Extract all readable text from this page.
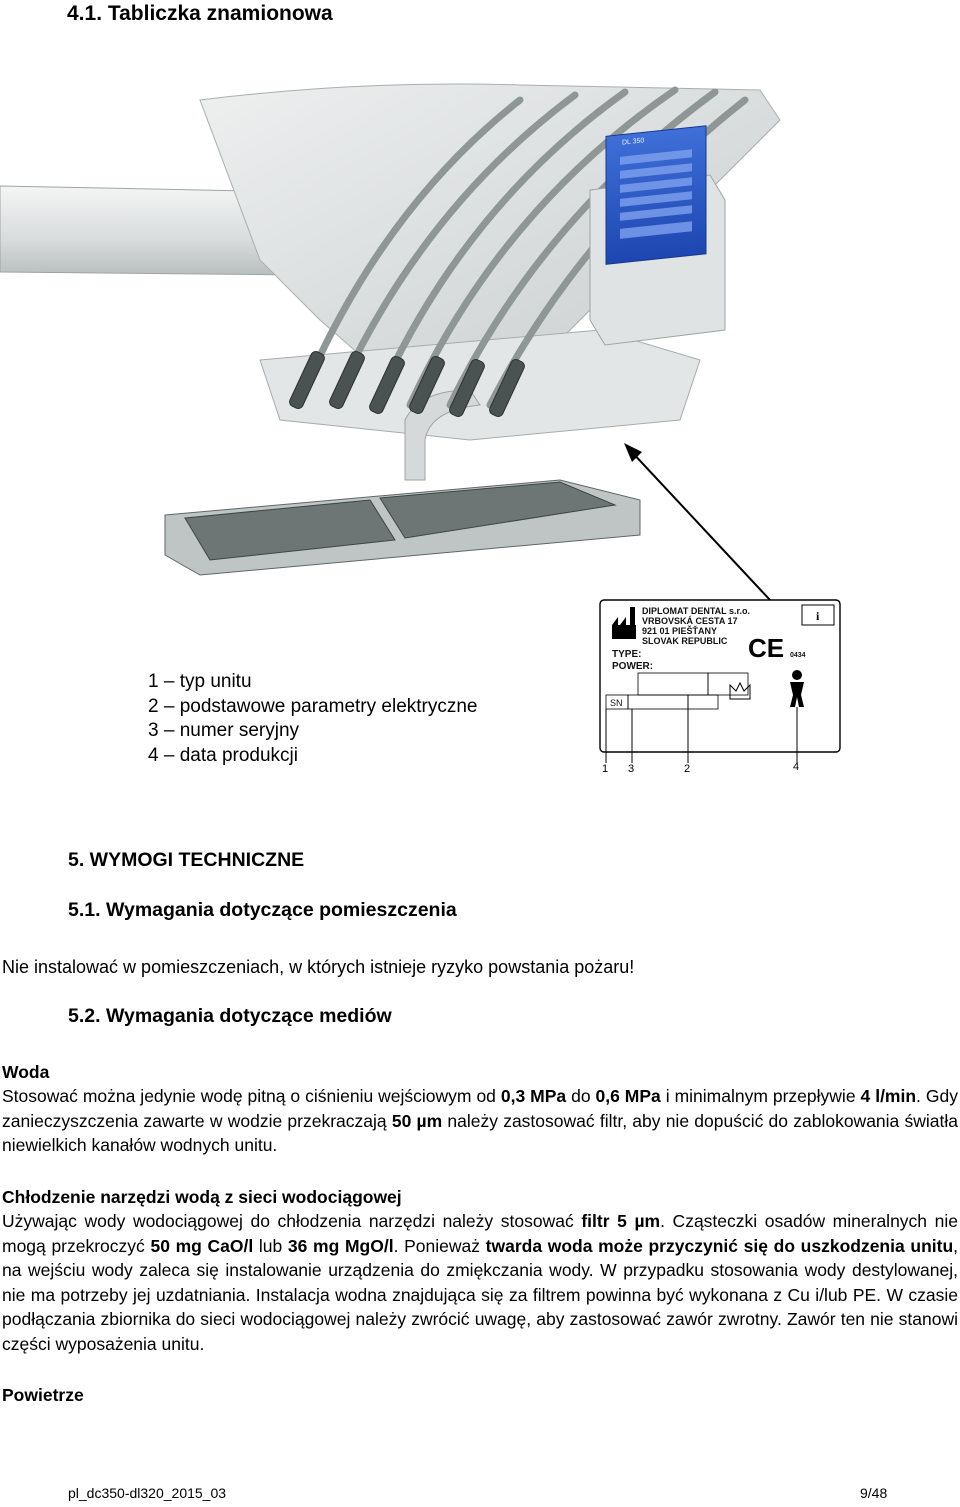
4.1. Tabliczka znamionowa
DL 350
1 – typ unitu
2 – podstawowe parametry elektryczne
3 – numer seryjny
4 – data produkcji
DIPLOMAT DENTAL s.r.o.
VRBOVSKÁ CESTA 17
921 01 PIEŠŤANY
SLOVAK REPUBLIC
i
TYPE:
POWER:
CE 0434
SN
1 3	2	4
5. WYMOGI TECHNICZNE
5.1. Wymagania dotyczące pomieszczenia
Nie instalować w pomieszczeniach, w których istnieje ryzyko powstania pożaru!
5.2. Wymagania dotyczące mediów
Woda
Stosować można jedynie wodę pitną o ciśnieniu wejściowym od 0,3 MPa do 0,6 MPa i minimalnym przepływie 4 l/min. Gdy zanieczyszczenia zawarte w wodzie przekraczają 50 µm należy zastosować filtr, aby nie dopuścić do zablokowania światła niewielkich kanałów wodnych unitu.
Chłodzenie narzędzi wodą z sieci wodociągowej
Używając wody wodociągowej do chłodzenia narzędzi należy stosować filtr 5 µm. Cząsteczki osadów mineralnych nie mogą przekroczyć 50 mg CaO/l lub 36 mg MgO/l. Ponieważ twarda woda może przyczynić się do uszkodzenia unitu, na wejściu wody zaleca się instalowanie urządzenia do zmiękczania wody. W przypadku stosowania wody destylowanej, nie ma potrzeby jej uzdatniania. Instalacja wodna znajdująca się za filtrem powinna być wykonana z Cu i/lub PE. W czasie podłączania zbiornika do sieci wodociągowej należy zwrócić uwagę, aby zastosować zawór zwrotny. Zawór ten nie stanowi części wyposażenia unitu.
Powietrze
pl_dc350-dl320_2015_03	9/48
